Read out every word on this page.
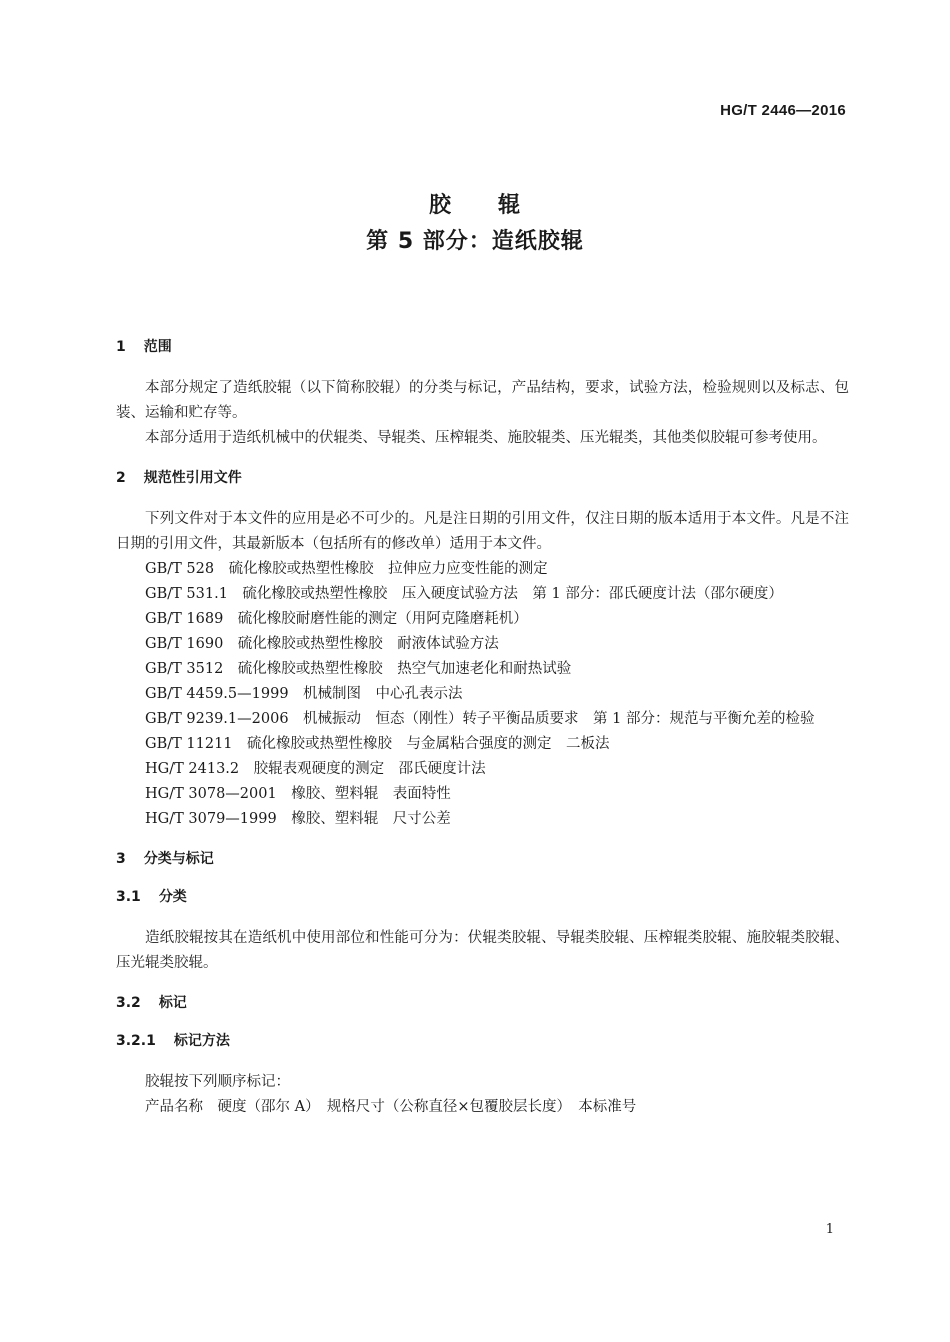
HG/T 2446—2016
胶　　辊
第 5 部分：造纸胶辊
1 范围

本部分规定了造纸胶辊（以下简称胶辊）的分类与标记，产品结构，要求，试验方法，检验规则以及标志、包装、运输和贮存等。

本部分适用于造纸机械中的伏辊类、导辊类、压榨辊类、施胶辊类、压光辊类，其他类似胶辊可参考使用。

2 规范性引用文件

下列文件对于本文件的应用是必不可少的。凡是注日期的引用文件，仅注日期的版本适用于本文件。凡是不注日期的引用文件，其最新版本（包括所有的修改单）适用于本文件。

GB/T 528　硫化橡胶或热塑性橡胶　拉伸应力应变性能的测定

GB/T 531.1　硫化橡胶或热塑性橡胶　压入硬度试验方法　第 1 部分：邵氏硬度计法（邵尔硬度）

GB/T 1689　硫化橡胶耐磨性能的测定（用阿克隆磨耗机）

GB/T 1690　硫化橡胶或热塑性橡胶　耐液体试验方法

GB/T 3512　硫化橡胶或热塑性橡胶　热空气加速老化和耐热试验

GB/T 4459.5—1999　机械制图　中心孔表示法

GB/T 9239.1—2006　机械振动　恒态（刚性）转子平衡品质要求　第 1 部分：规范与平衡允差的检验

GB/T 11211　硫化橡胶或热塑性橡胶　与金属粘合强度的测定　二板法

HG/T 2413.2　胶辊表观硬度的测定　邵氏硬度计法

HG/T 3078—2001　橡胶、塑料辊　表面特性

HG/T 3079—1999　橡胶、塑料辊　尺寸公差

3 分类与标记
3.1 分类

造纸胶辊按其在造纸机中使用部位和性能可分为：伏辊类胶辊、导辊类胶辊、压榨辊类胶辊、施胶辊类胶辊、压光辊类胶辊。

3.2 标记
3.2.1 标记方法

胶辊按下列顺序标记：

产品名称　硬度（邵尔 A）　规格尺寸（公称直径×包覆胶层长度）　本标准号

1
